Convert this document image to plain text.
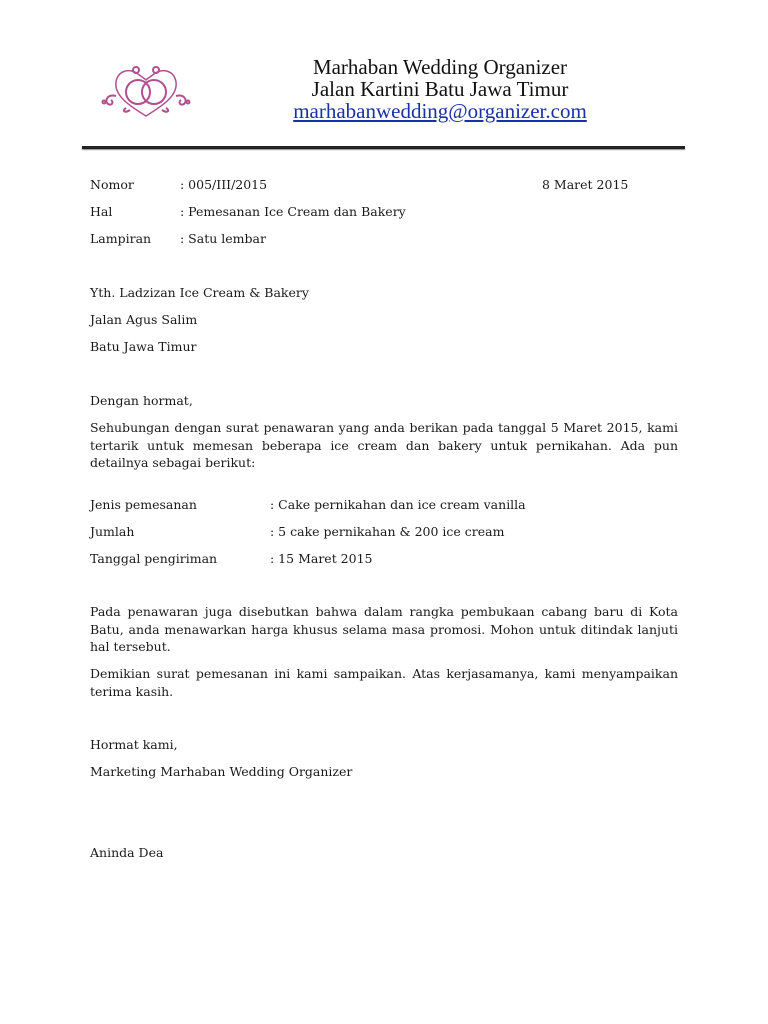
Marhaban Wedding Organizer
Jalan Kartini Batu Jawa Timur
marhabanwedding@organizer.com
Nomor	: 005/III/2015	8 Maret 2015
Hal	: Pemesanan Ice Cream dan Bakery
Lampiran : Satu lembar
Yth. Ladzizan Ice Cream & Bakery
Jalan Agus Salim
Batu Jawa Timur
Dengan hormat,
Sehubungan dengan surat penawaran yang anda berikan pada tanggal 5 Maret 2015, kami tertarik untuk memesan beberapa ice cream dan bakery untuk pernikahan. Ada pun detailnya sebagai berikut:
Jenis pemesanan	: Cake pernikahan dan ice cream vanilla
Jumlah	: 5 cake pernikahan & 200 ice cream
Tanggal pengiriman	: 15 Maret 2015
Pada penawaran juga disebutkan bahwa dalam rangka pembukaan cabang baru di Kota Batu, anda menawarkan harga khusus selama masa promosi. Mohon untuk ditindak lanjuti hal tersebut.
Demikian surat pemesanan ini kami sampaikan. Atas kerjasamanya, kami menyampaikan terima kasih.
Hormat kami,
Marketing Marhaban Wedding Organizer
Aninda Dea
